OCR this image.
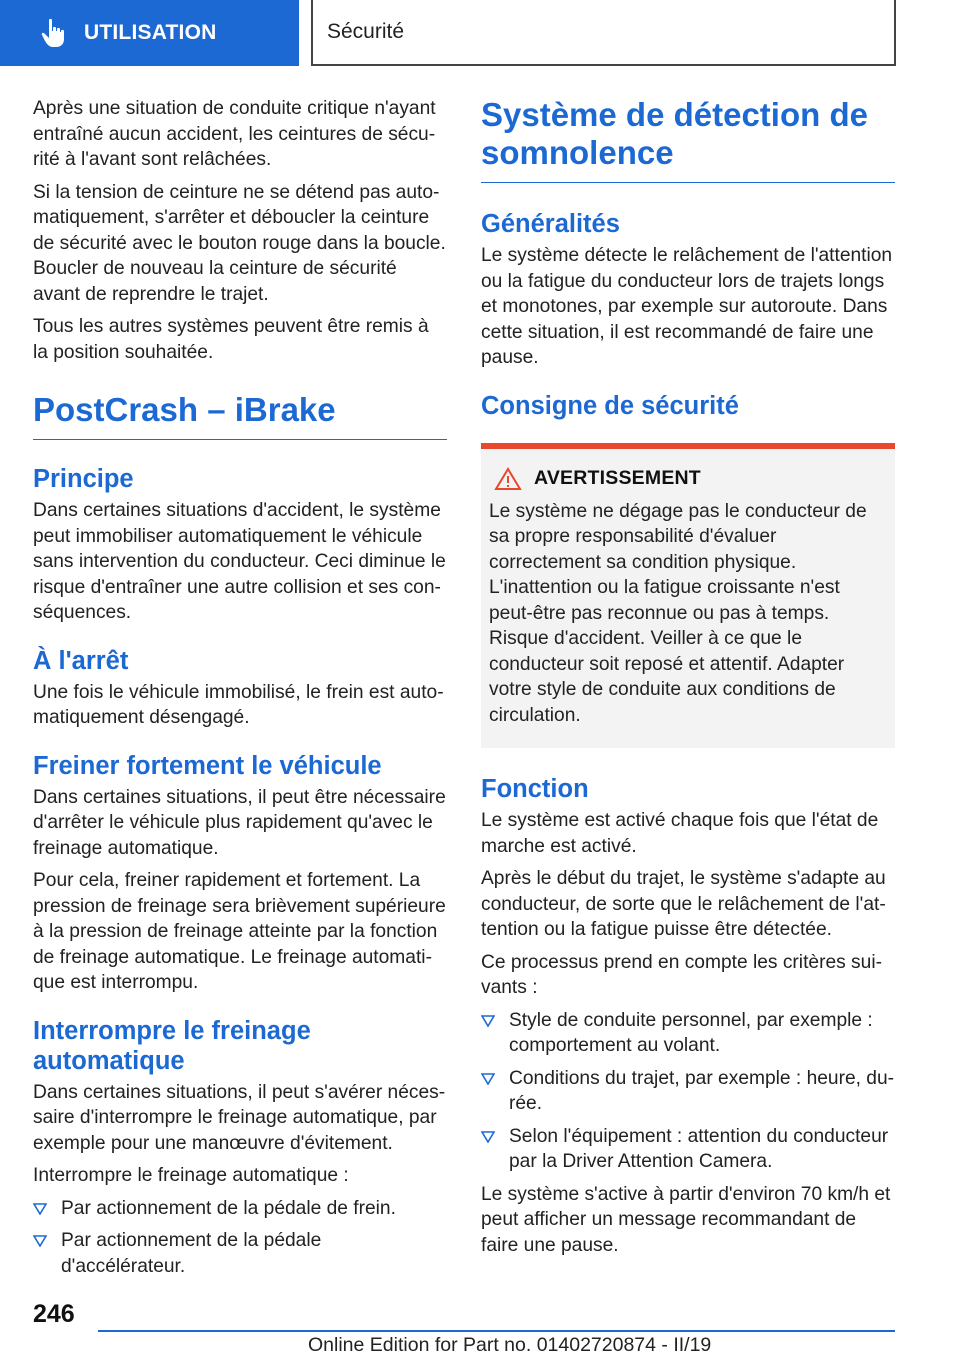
UTILISATION	Sécurité

Après une situation de conduite critique n'ayant entraîné aucun accident, les ceintures de sécurité à l'avant sont relâchées.

Si la tension de ceinture ne se détend pas automatiquement, s'arrêter et déboucler la ceinture de sécurité avec le bouton rouge dans la boucle. Boucler de nouveau la ceinture de sécurité avant de reprendre le trajet.

Tous les autres systèmes peuvent être remis à la position souhaitée.

PostCrash – iBrake
Principe

Dans certaines situations d'accident, le système peut immobiliser automatiquement le véhicule sans intervention du conducteur. Ceci diminue le risque d'entraîner une autre collision et ses conséquences.

À l'arrêt

Une fois le véhicule immobilisé, le frein est automatiquement désengagé.

Freiner fortement le véhicule

Dans certaines situations, il peut être nécessaire d'arrêter le véhicule plus rapidement qu'avec le freinage automatique.

Pour cela, freiner rapidement et fortement. La pression de freinage sera brièvement supérieure à la pression de freinage atteinte par la fonction de freinage automatique. Le freinage automatique est interrompu.

Interrompre le freinage automatique

Dans certaines situations, il peut s'avérer nécessaire d'interrompre le freinage automatique, par exemple pour une manœuvre d'évitement.

Interrompre le freinage automatique :

Par actionnement de la pédale de frein.
Par actionnement de la pédale d'accélérateur.
Système de détection de somnolence
Généralités

Le système détecte le relâchement de l'attention ou la fatigue du conducteur lors de trajets longs et monotones, par exemple sur autoroute. Dans cette situation, il est recommandé de faire une pause.

Consigne de sécurité
AVERTISSEMENT

Le système ne dégage pas le conducteur de sa propre responsabilité d'évaluer correctement sa condition physique. L'inattention ou la fatigue croissante n'est peut-être pas reconnue ou pas à temps. Risque d'accident. Veiller à ce que le conducteur soit reposé et attentif. Adapter votre style de conduite aux conditions de circulation.

Fonction

Le système est activé chaque fois que l'état de marche est activé.

Après le début du trajet, le système s'adapte au conducteur, de sorte que le relâchement de l'attention ou la fatigue puisse être détectée.

Ce processus prend en compte les critères suivants :

Style de conduite personnel, par exemple : comportement au volant.
Conditions du trajet, par exemple : heure, durée.
Selon l'équipement : attention du conducteur par la Driver Attention Camera.

Le système s'active à partir d'environ 70 km/h et peut afficher un message recommandant de faire une pause.

246
Online Edition for Part no. 01402720874 - II/19
